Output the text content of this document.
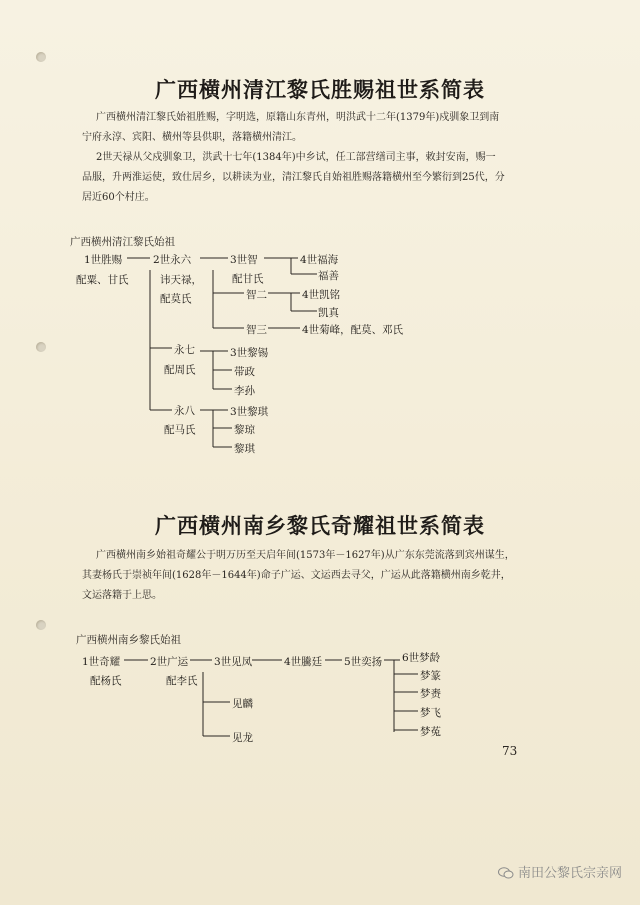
广西横州清江黎氏胜赐祖世系简表
广西横州清江黎氏始祖胜赐，字明选，原籍山东青州，明洪武十二年(1379年)戍驯象卫到南
宁府永淳、宾阳、横州等县供职，落籍横州清江。
2世天禄从父戍驯象卫，洪武十七年(1384年)中乡试，任工部营缮司主事，敕封安南，赐一
品服，升两淮运使，致仕居乡，以耕读为业，清江黎氏自始祖胜赐落籍横州至今繁衍到25代，分
居近60个村庄。
广西横州清江黎氏始祖
1世胜赐
配粟、甘氏
2世永六
讳天禄，
配莫氏
3世智
配甘氏
4世福海
福善
智二	4世凯铭
凯真
智三	4世菊峰，配莫、邓氏
永七
配周氏
3世黎锡
带政
李孙
永八
配马氏
3世黎琪
黎琼
黎琪
广西横州南乡黎氏奇耀祖世系简表
广西横州南乡始祖奇耀公于明万历至天启年间(1573年－1627年)从广东东莞流落到宾州谋生，
其妻杨氏于崇祯年间(1628年－1644年)命子广运、文运西去寻父，广运从此落籍横州南乡乾井，
文运落籍于上思。
广西横州南乡黎氏始祖
1世奇耀
配杨氏
2世广运
配李氏
3世见凤
见麟
见龙
4世騰廷 5世奕扬 6世梦龄
梦篆
梦赉
梦飞
梦菟
73
南田公黎氏宗亲网
